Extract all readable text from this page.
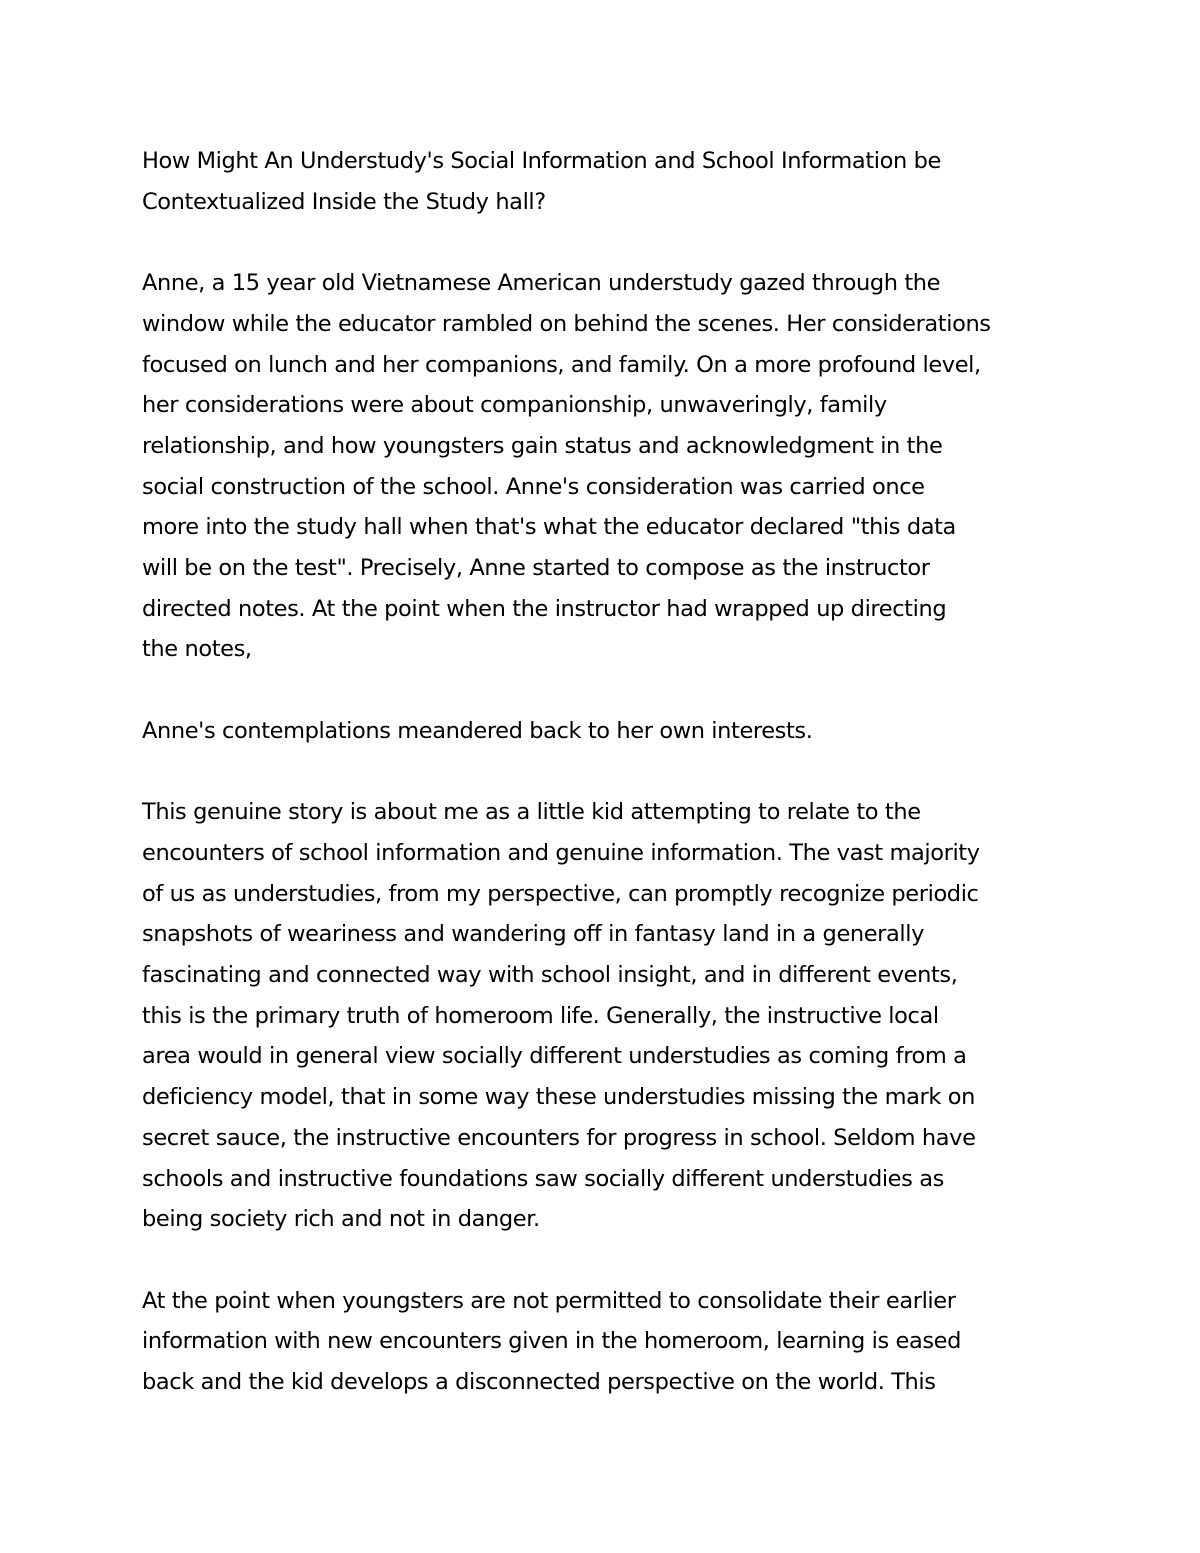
How Might An Understudy's Social Information and School Information be
Contextualized Inside the Study hall?
Anne, a 15 year old Vietnamese American understudy gazed through the
window while the educator rambled on behind the scenes. Her considerations
focused on lunch and her companions, and family. On a more profound level,
her considerations were about companionship, unwaveringly, family
relationship, and how youngsters gain status and acknowledgment in the
social construction of the school. Anne's consideration was carried once
more into the study hall when that's what the educator declared "this data
will be on the test". Precisely, Anne started to compose as the instructor
directed notes. At the point when the instructor had wrapped up directing
the notes,
Anne's contemplations meandered back to her own interests.
This genuine story is about me as a little kid attempting to relate to the
encounters of school information and genuine information. The vast majority
of us as understudies, from my perspective, can promptly recognize periodic
snapshots of weariness and wandering off in fantasy land in a generally
fascinating and connected way with school insight, and in different events,
this is the primary truth of homeroom life. Generally, the instructive local
area would in general view socially different understudies as coming from a
deficiency model, that in some way these understudies missing the mark on
secret sauce, the instructive encounters for progress in school. Seldom have
schools and instructive foundations saw socially different understudies as
being society rich and not in danger.
At the point when youngsters are not permitted to consolidate their earlier
information with new encounters given in the homeroom, learning is eased
back and the kid develops a disconnected perspective on the world. This
